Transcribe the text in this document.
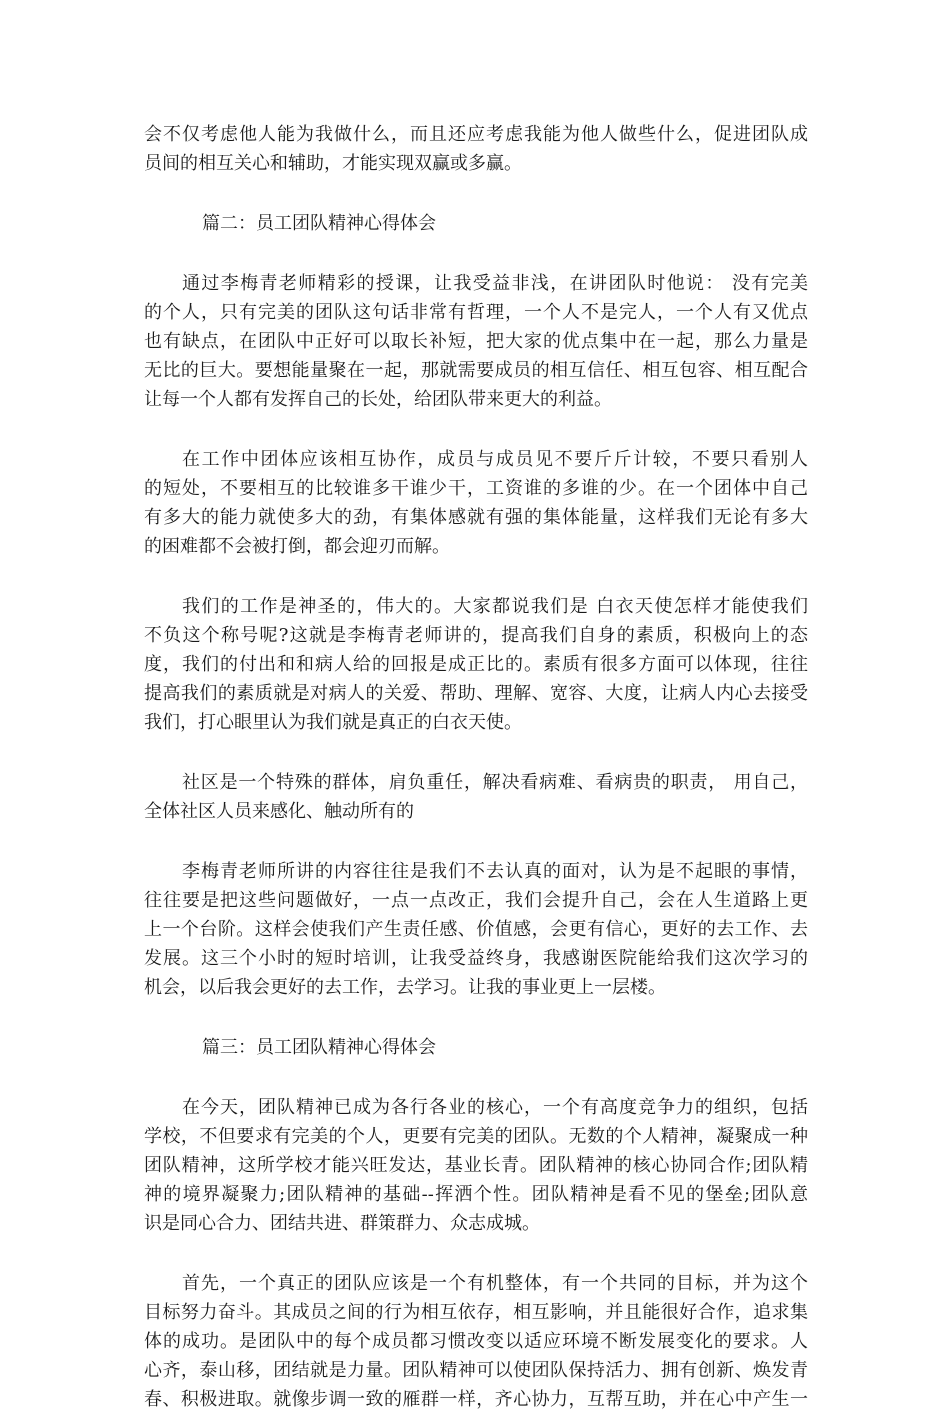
会不仅考虑他人能为我做什么，而且还应考虑我能为他人做些什么，促进团队成
员间的相互关心和辅助，才能实现双赢或多赢。
篇二：员工团队精神心得体会
通过李梅青老师精彩的授课，让我受益非浅，在讲团队时他说： 没有完美
的个人，只有完美的团队这句话非常有哲理，一个人不是完人，一个人有又优点
也有缺点，在团队中正好可以取长补短，把大家的优点集中在一起，那么力量是
无比的巨大。要想能量聚在一起，那就需要成员的相互信任、相互包容、相互配合
让每一个人都有发挥自己的长处，给团队带来更大的利益。
在工作中团体应该相互协作，成员与成员见不要斤斤计较，不要只看别人
的短处，不要相互的比较谁多干谁少干，工资谁的多谁的少。在一个团体中自己
有多大的能力就使多大的劲，有集体感就有强的集体能量，这样我们无论有多大
的困难都不会被打倒，都会迎刃而解。
我们的工作是神圣的，伟大的。大家都说我们是 白衣天使怎样才能使我们
不负这个称号呢?这就是李梅青老师讲的，提高我们自身的素质，积极向上的态
度，我们的付出和和病人给的回报是成正比的。素质有很多方面可以体现，往往
提高我们的素质就是对病人的关爱、帮助、理解、宽容、大度，让病人内心去接受
我们，打心眼里认为我们就是真正的白衣天使。
社区是一个特殊的群体，肩负重任，解决看病难、看病贵的职责， 用自己，
全体社区人员来感化、触动所有的
李梅青老师所讲的内容往往是我们不去认真的面对，认为是不起眼的事情，
往往要是把这些问题做好，一点一点改正，我们会提升自己，会在人生道路上更
上一个台阶。这样会使我们产生责任感、价值感，会更有信心，更好的去工作、去
发展。这三个小时的短时培训，让我受益终身，我感谢医院能给我们这次学习的
机会，以后我会更好的去工作，去学习。让我的事业更上一层楼。
篇三：员工团队精神心得体会
在今天，团队精神已成为各行各业的核心，一个有高度竞争力的组织，包括
学校，不但要求有完美的个人，更要有完美的团队。无数的个人精神，凝聚成一种
团队精神，这所学校才能兴旺发达，基业长青。团队精神的核心协同合作;团队精
神的境界凝聚力;团队精神的基础--挥洒个性。团队精神是看不见的堡垒;团队意
识是同心合力、团结共进、群策群力、众志成城。
首先，一个真正的团队应该是一个有机整体，有一个共同的目标，并为这个
目标努力奋斗。其成员之间的行为相互依存，相互影响，并且能很好合作，追求集
体的成功。是团队中的每个成员都习惯改变以适应环境不断发展变化的要求。人
心齐，泰山移，团结就是力量。团队精神可以使团队保持活力、拥有创新、焕发青
春、积极进取。就像步调一致的雁群一样，齐心协力，互帮互助，并在心中产生一
